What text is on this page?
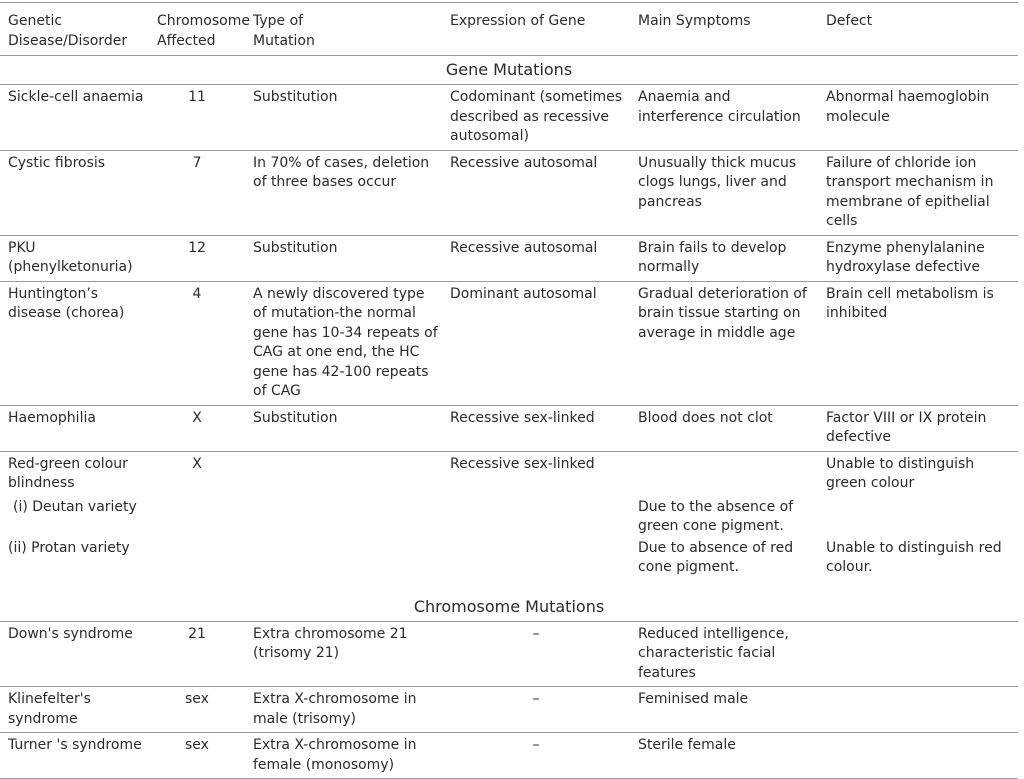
Genetic Disease/Disorder	Chromosome Affected	Type of Mutation	Expression of Gene	Main Symptoms	Defect
Gene Mutations					
Sickle-cell anaemia	11	Substitution	Codominant (sometimes described as recessive autosomal)	Anaemia and interference circulation	Abnormal haemoglobin molecule
Cystic fibrosis	7	In 70% of cases, deletion of three bases occur	Recessive autosomal	Unusually thick mucus clogs lungs, liver and pancreas	Failure of chloride ion transport mechanism in membrane of epithelial cells
PKU (phenylketonuria)	12	Substitution	Recessive autosomal	Brain fails to develop normally	Enzyme phenylalanine hydroxylase defective
Huntington’s disease (chorea)	4	A newly discovered type of mutation-the normal gene has 10-34 repeats of CAG at one end, the HC gene has 42-100 repeats of CAG	Dominant autosomal	Gradual deterioration of brain tissue starting on average in middle age	Brain cell metabolism is inhibited
Haemophilia	X	Substitution	Recessive sex-linked	Blood does not clot	Factor VIII or IX protein defective
Red-green colour blindness	X		Recessive sex-linked		Unable to distinguish green colour
(i) Deutan variety				Due to the absence of green cone pigment.	
(ii) Protan variety				Due to absence of red cone pigment.	Unable to distinguish red colour.
Chromosome Mutations					
Down's syndrome	21	Extra chromosome 21 (trisomy 21)	–	Reduced intelligence, characteristic facial features	
Klinefelter's syndrome	sex	Extra X-chromosome in male (trisomy)	–	Feminised male	
Turner 's syndrome	sex	Extra X-chromosome in female (monosomy)	–	Sterile female	
